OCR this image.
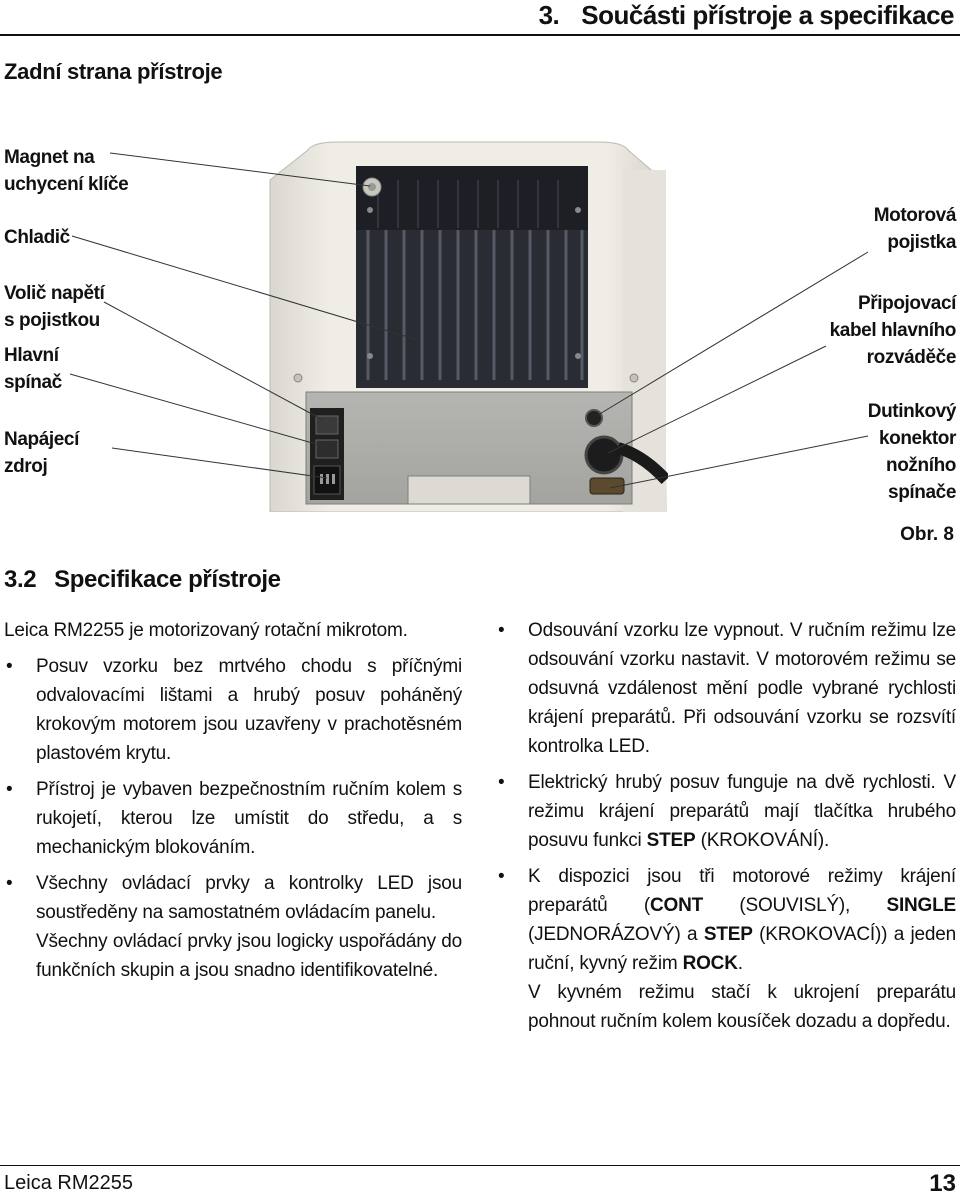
3. Součásti přístroje a specifikace
Zadní strana přístroje
Magnet na
uchycení klíče
Chladič
Volič napětí
s pojistkou
Hlavní
spínač
Napájecí
zdroj
Motorová
pojistka
Připojovací
kabel hlavního
rozváděče
Dutinkový
konektor
nožního
spínače
Obr. 8
3.2 Specifikace přístroje

Leica RM2255 je motorizovaný rotační mikrotom.

• Posuv vzorku bez mrtvého chodu s příčnými odvalovacími lištami a hrubý posuv poháněný krokovým motorem jsou uzavřeny v prachotěsném plastovém krytu.
• Přístroj je vybaven bezpečnostním ručním kolem s rukojetí, kterou lze umístit do středu, a s mechanickým blokováním.
• Všechny ovládací prvky a kontrolky LED jsou soustředěny na samostatném ovládacím panelu.
Všechny ovládací prvky jsou logicky uspořádány do funkčních skupin a jsou snadno identifikovatelné.
• Odsouvání vzorku lze vypnout. V ručním režimu lze odsouvání vzorku nastavit. V motorovém režimu se odsuvná vzdálenost mění podle vybrané rychlosti krájení preparátů. Při odsouvání vzorku se rozsvítí kontrolka LED.
• Elektrický hrubý posuv funguje na dvě rychlosti. V režimu krájení preparátů mají tlačítka hrubého posuvu funkci STEP (KROKOVÁNÍ).
• K dispozici jsou tři motorové režimy krájení preparátů (CONT (SOUVISLÝ), SINGLE (JEDNORÁZOVÝ) a STEP (KROKOVACÍ)) a jeden ruční, kyvný režim ROCK.
V kyvném režimu stačí k ukrojení preparátu pohnout ručním kolem kousíček dozadu a dopředu.
Leica RM2255	13
